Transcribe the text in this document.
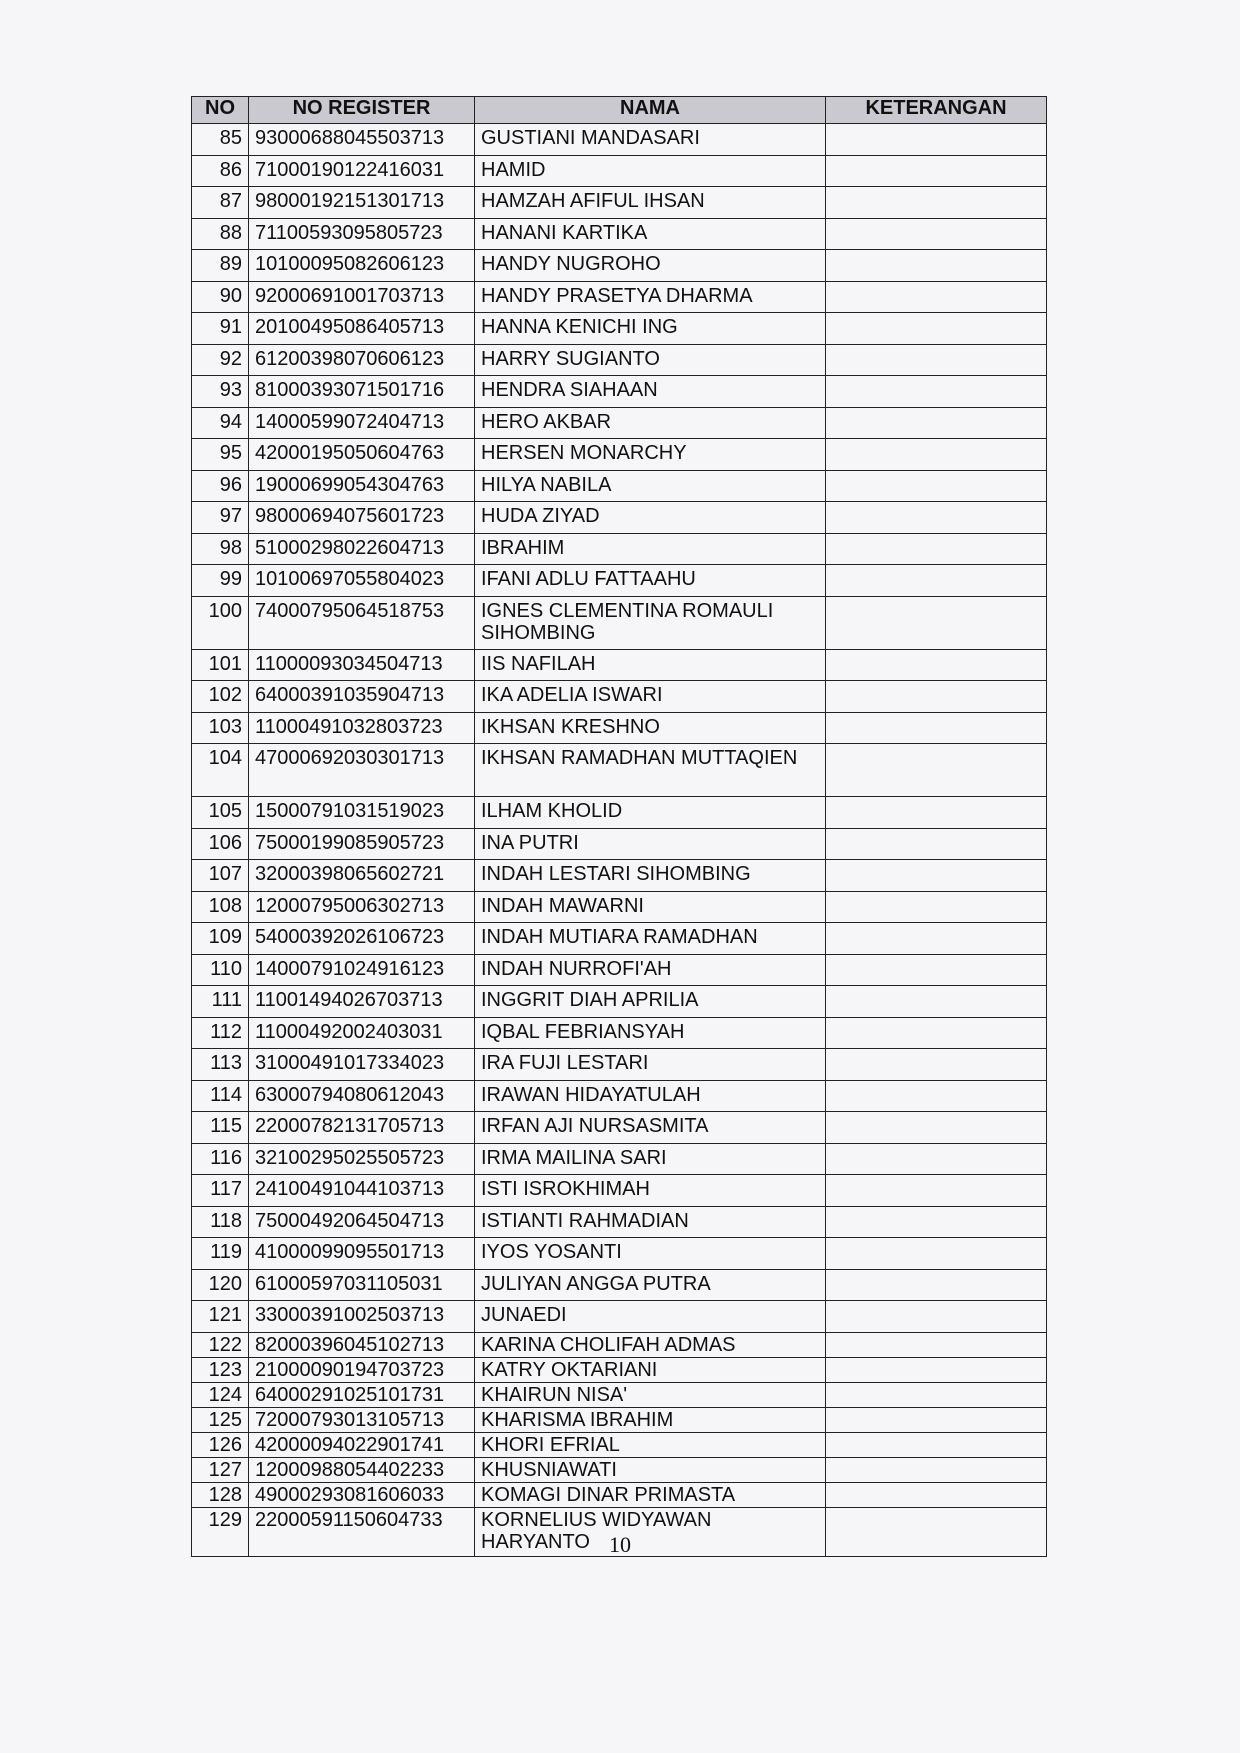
NO	NO REGISTER	NAMA	KETERANGAN
85	93000688045503713	GUSTIANI MANDASARI	
86	71000190122416031	HAMID	
87	98000192151301713	HAMZAH AFIFUL IHSAN	
88	71100593095805723	HANANI KARTIKA	
89	10100095082606123	HANDY NUGROHO	
90	92000691001703713	HANDY PRASETYA DHARMA	
91	20100495086405713	HANNA KENICHI ING	
92	61200398070606123	HARRY SUGIANTO	
93	81000393071501716	HENDRA SIAHAAN	
94	14000599072404713	HERO AKBAR	
95	42000195050604763	HERSEN MONARCHY	
96	19000699054304763	HILYA NABILA	
97	98000694075601723	HUDA ZIYAD	
98	51000298022604713	IBRAHIM	
99	10100697055804023	IFANI ADLU FATTAAHU	
100	74000795064518753	IGNES CLEMENTINA ROMAULI SIHOMBING	
101	11000093034504713	IIS NAFILAH	
102	64000391035904713	IKA ADELIA ISWARI	
103	11000491032803723	IKHSAN KRESHNO	
104	47000692030301713	IKHSAN RAMADHAN MUTTAQIEN	
105	15000791031519023	ILHAM KHOLID	
106	75000199085905723	INA PUTRI	
107	32000398065602721	INDAH LESTARI SIHOMBING	
108	12000795006302713	INDAH MAWARNI	
109	54000392026106723	INDAH MUTIARA RAMADHAN	
110	14000791024916123	INDAH NURROFI'AH	
111	11001494026703713	INGGRIT DIAH APRILIA	
112	11000492002403031	IQBAL FEBRIANSYAH	
113	31000491017334023	IRA FUJI LESTARI	
114	63000794080612043	IRAWAN HIDAYATULAH	
115	22000782131705713	IRFAN AJI NURSASMITA	
116	32100295025505723	IRMA MAILINA SARI	
117	24100491044103713	ISTI ISROKHIMAH	
118	75000492064504713	ISTIANTI RAHMADIAN	
119	41000099095501713	IYOS YOSANTI	
120	61000597031105031	JULIYAN ANGGA PUTRA	
121	33000391002503713	JUNAEDI	
122	82000396045102713	KARINA CHOLIFAH ADMAS	
123	21000090194703723	KATRY OKTARIANI	
124	64000291025101731	KHAIRUN NISA'	
125	72000793013105713	KHARISMA IBRAHIM	
126	42000094022901741	KHORI EFRIAL	
127	12000988054402233	KHUSNIAWATI	
128	49000293081606033	KOMAGI DINAR PRIMASTA	
129	22000591150604733	KORNELIUS WIDYAWAN HARYANTO	10
